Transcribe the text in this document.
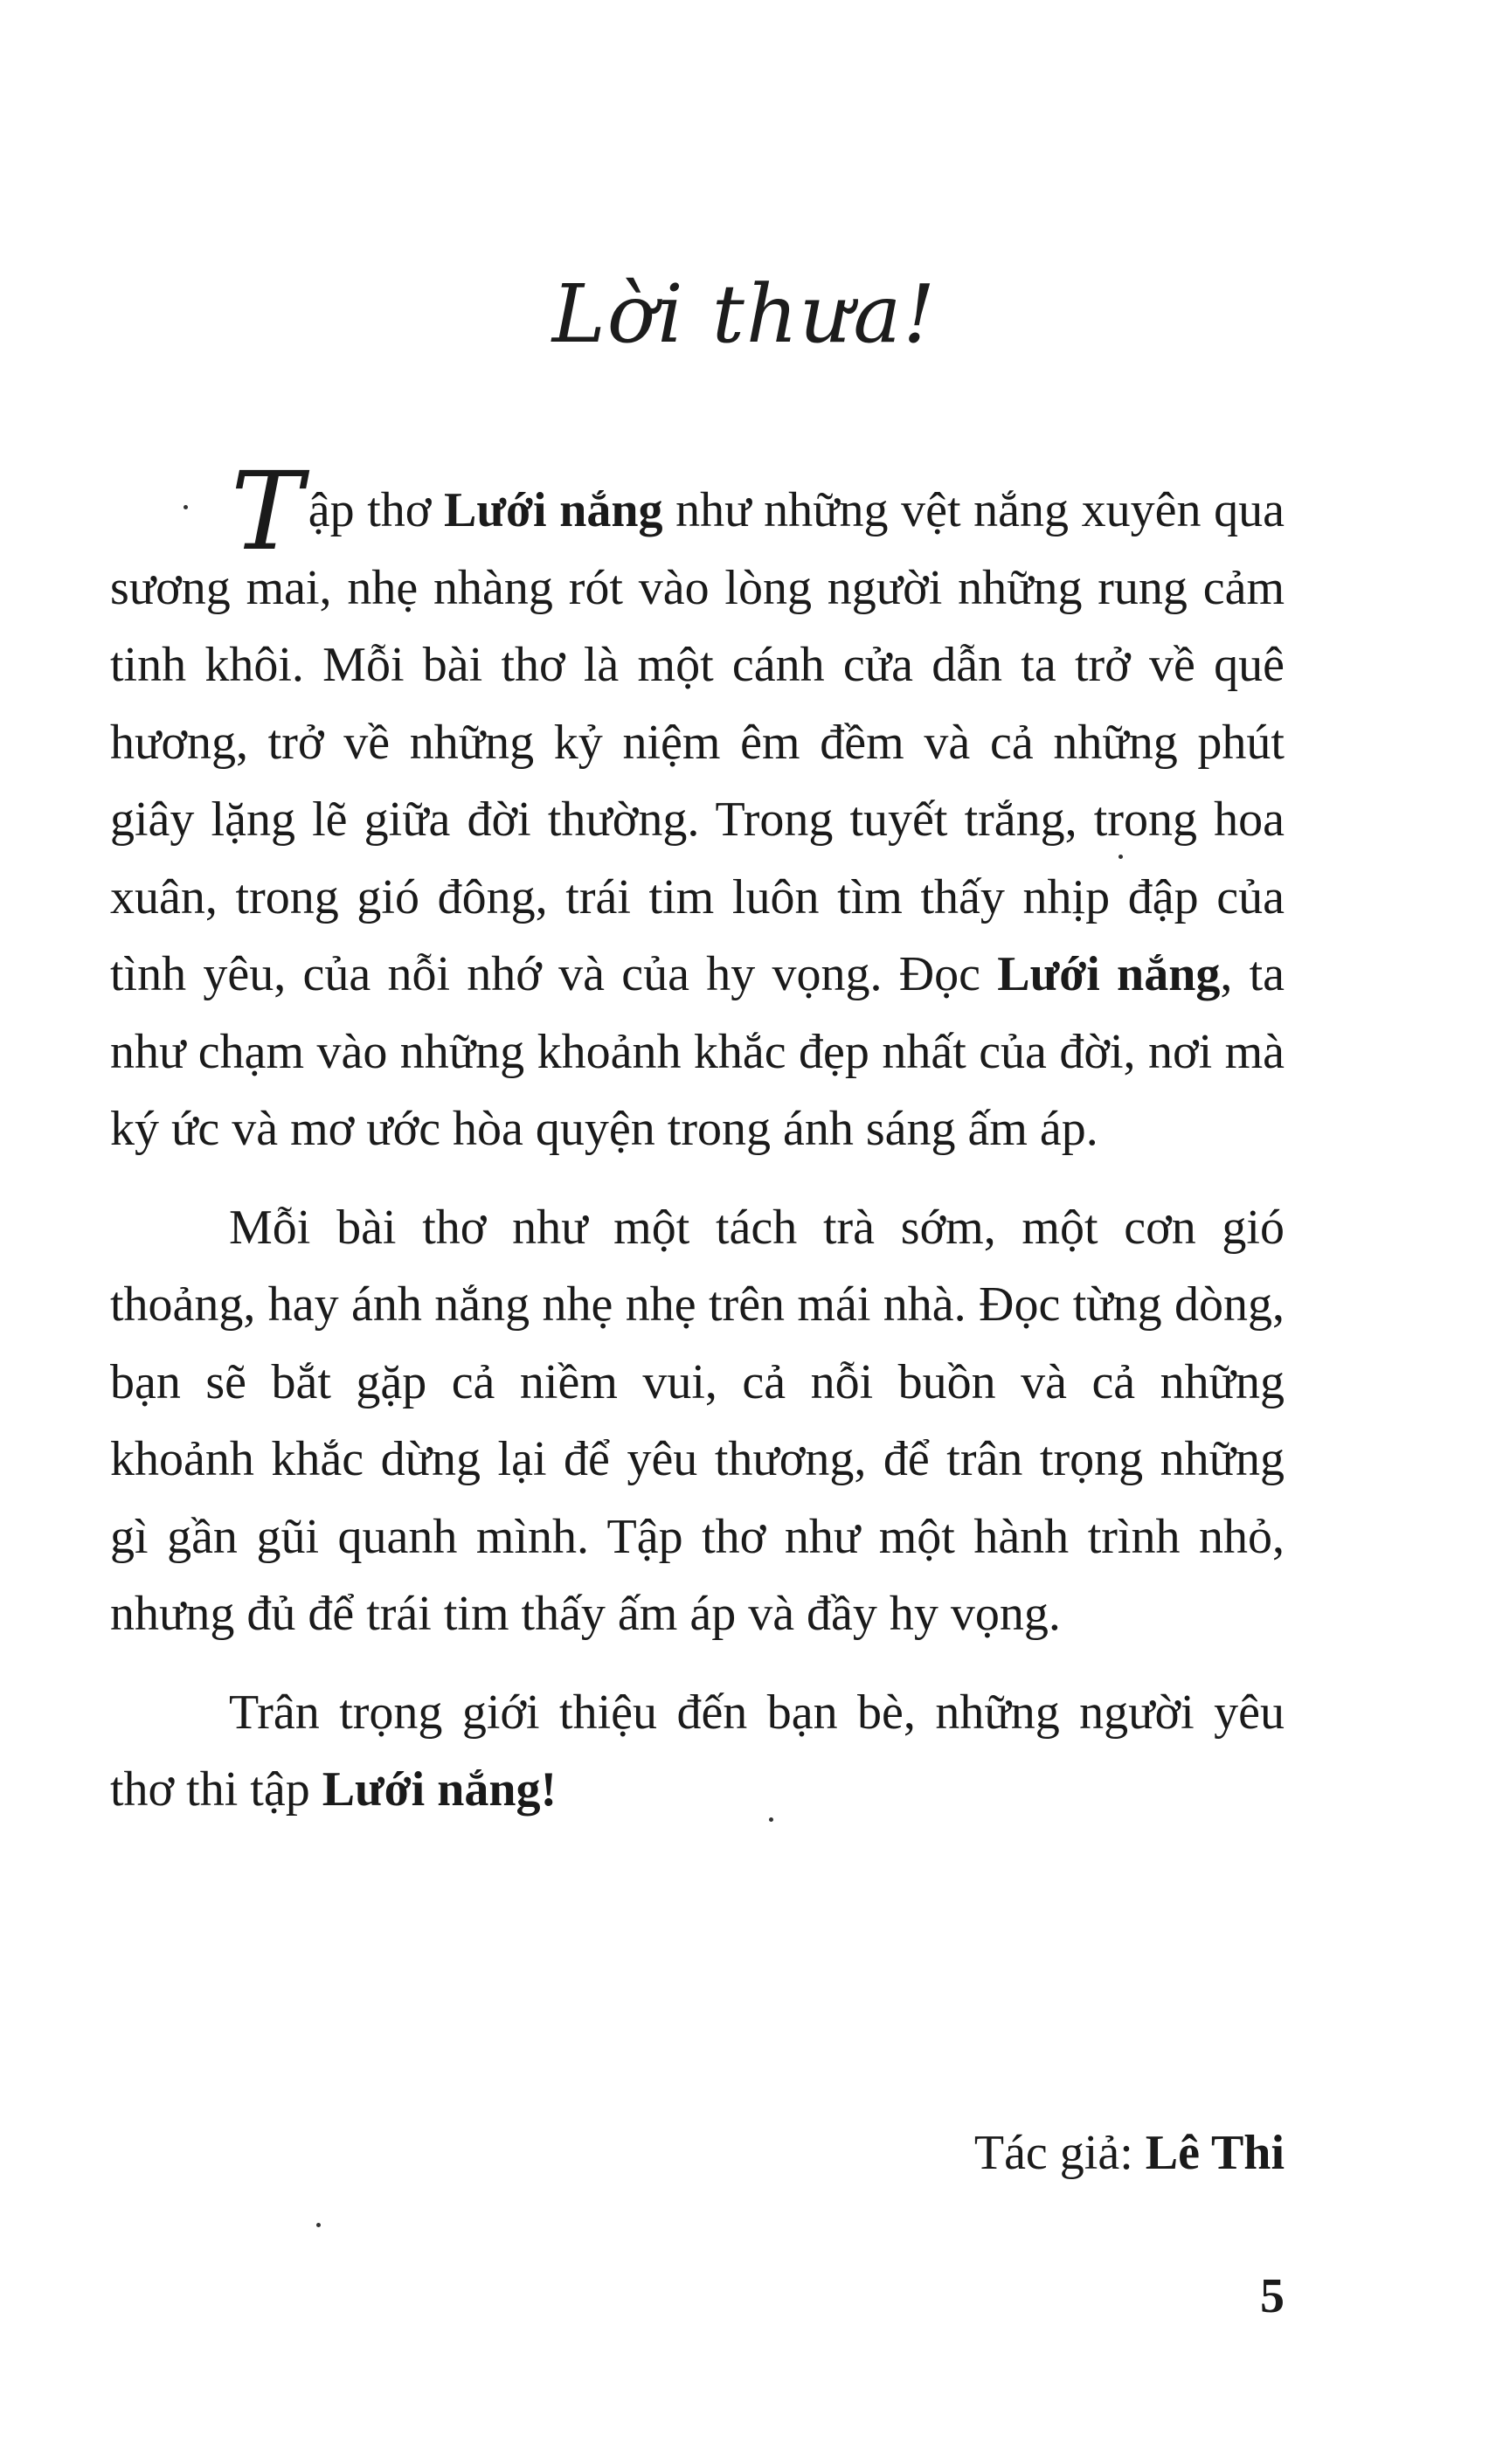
Lời thưa!

Tập thơ Lưới nắng như những vệt nắng xuyên qua sương mai, nhẹ nhàng rót vào lòng người những rung cảm tinh khôi. Mỗi bài thơ là một cánh cửa dẫn ta trở về quê hương, trở về những kỷ niệm êm đềm và cả những phút giây lặng lẽ giữa đời thường. Trong tuyết trắng, trong hoa xuân, trong gió đông, trái tim luôn tìm thấy nhịp đập của tình yêu, của nỗi nhớ và của hy vọng. Đọc Lưới nắng, ta như chạm vào những khoảnh khắc đẹp nhất của đời, nơi mà ký ức và mơ ước hòa quyện trong ánh sáng ấm áp.

Mỗi bài thơ như một tách trà sớm, một cơn gió thoảng, hay ánh nắng nhẹ nhẹ trên mái nhà. Đọc từng dòng, bạn sẽ bắt gặp cả niềm vui, cả nỗi buồn và cả những khoảnh khắc dừng lại để yêu thương, để trân trọng những gì gần gũi quanh mình. Tập thơ như một hành trình nhỏ, nhưng đủ để trái tim thấy ấm áp và đầy hy vọng.

Trân trọng giới thiệu đến bạn bè, những người yêu thơ thi tập Lưới nắng!

Tác giả: Lê Thi
5
